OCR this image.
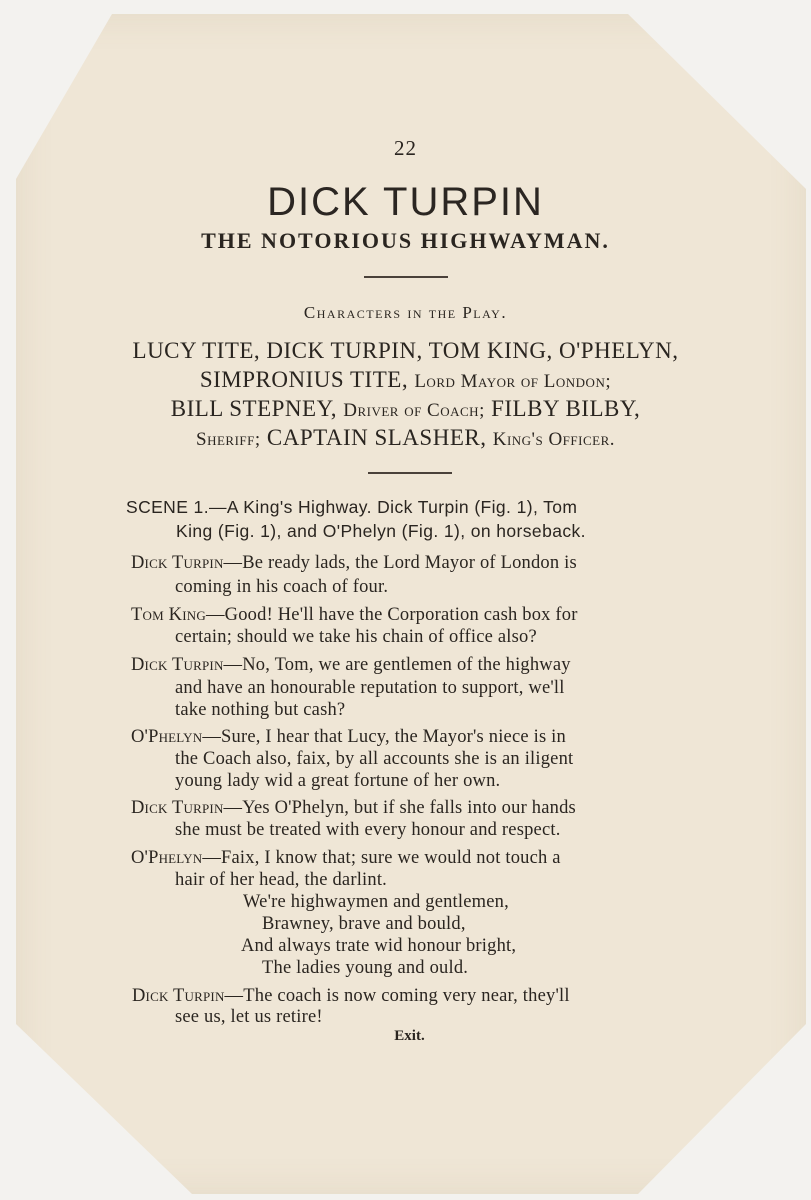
22
DICK TURPIN
THE NOTORIOUS HIGHWAYMAN.
Characters in the Play.
LUCY TITE, DICK TURPIN, TOM KING, O'PHELYN,
SIMPRONIUS TITE, Lord Mayor of London;
BILL STEPNEY, Driver of Coach; FILBY BILBY,
Sheriff; CAPTAIN SLASHER, King's Officer.
SCENE 1.—A King's Highway. Dick Turpin (Fig. 1), Tom
King (Fig. 1), and O'Phelyn (Fig. 1), on horseback.
Dick Turpin—Be ready lads, the Lord Mayor of London is
coming in his coach of four.
Tom King—Good! He'll have the Corporation cash box for
certain; should we take his chain of office also?
Dick Turpin—No, Tom, we are gentlemen of the highway
and have an honourable reputation to support, we'll
take nothing but cash?
O'Phelyn—Sure, I hear that Lucy, the Mayor's niece is in
the Coach also, faix, by all accounts she is an iligent
young lady wid a great fortune of her own.
Dick Turpin—Yes O'Phelyn, but if she falls into our hands
she must be treated with every honour and respect.
O'Phelyn—Faix, I know that; sure we would not touch a
hair of her head, the darlint.
We're highwaymen and gentlemen,
Brawney, brave and bould,
And always trate wid honour bright,
The ladies young and ould.
Dick Turpin—The coach is now coming very near, they'll
see us, let us retire!
Exit.
